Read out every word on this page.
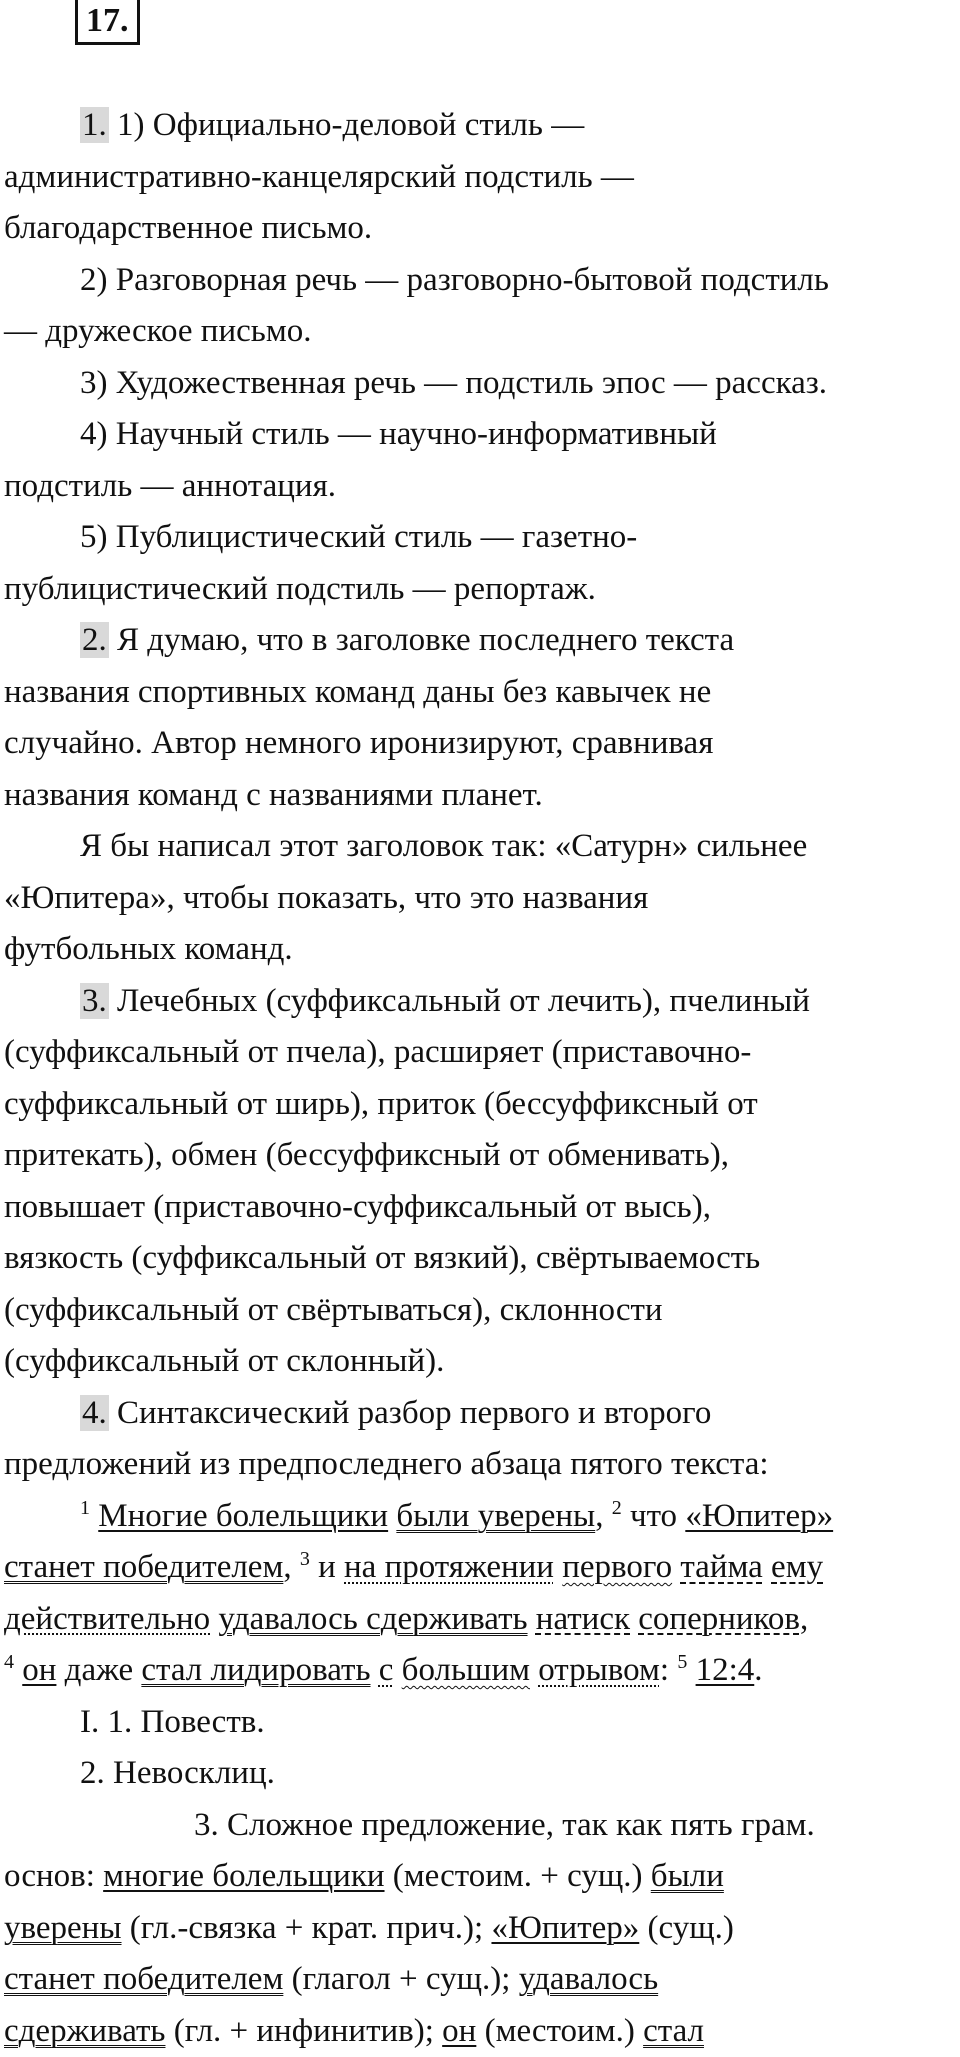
17.

1. 1) Официально-деловой стиль —

административно-канцелярский подстиль —

благодарственное письмо.

2) Разговорная речь — разговорно-бытовой подстиль

— дружеское письмо.

3) Художественная речь — подстиль эпос — рассказ.

4) Научный стиль — научно-информативный

подстиль — аннотация.

5) Публицистический стиль — газетно-

публицистический подстиль — репортаж.

2. Я думаю, что в заголовке последнего текста

названия спортивных команд даны без кавычек не

случайно. Автор немного иронизируют, сравнивая

названия команд с названиями планет.

Я бы написал этот заголовок так: «Сатурн» сильнее

«Юпитера», чтобы показать, что это названия

футбольных команд.

3. Лечебных (суффиксальный от лечить), пчелиный

(суффиксальный от пчела), расширяет (приставочно-

суффиксальный от ширь), приток (бессуффиксный от

притекать), обмен (бессуффиксный от обменивать),

повышает (приставочно-суффиксальный от высь),

вязкость (суффиксальный от вязкий), свёртываемость

(суффиксальный от свёртываться), склонности

(суффиксальный от склонный).

4. Синтаксический разбор первого и второго

предложений из предпоследнего абзаца пятого текста:

$^1$ Многие болельщики были уверены, $^2$ что «Юпитер»

станет победителем, $^3$ и на протяжении первого тайма ему

действительно удавалось сдерживать натиск соперников,

$^4$ он даже стал лидировать с большим отрывом: $^5$ 12:4.

I. 1. Повеств.

2. Невосклиц.

3. Сложное предложение, так как пять грам.

основ: многие болельщики (местоим. + сущ.) были

уверены (гл.-связка + крат. прич.); «Юпитер» (сущ.)

станет победителем (глагол + сущ.); удавалось

сдерживать (гл. + инфинитив); он (местоим.) стал
